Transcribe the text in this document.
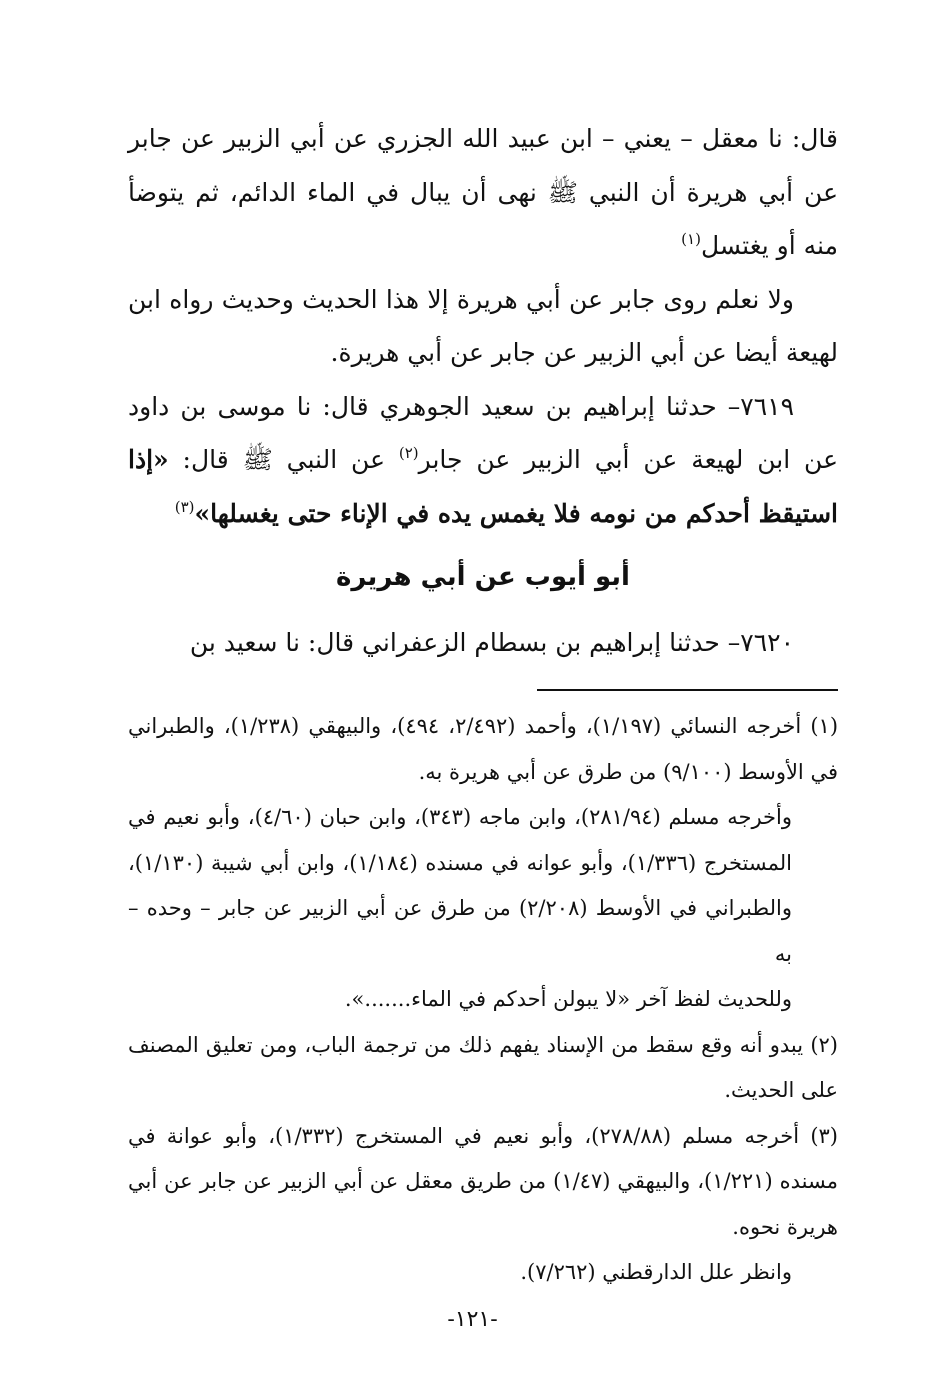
قال: نا معقل – يعني – ابن عبيد الله الجزري عن أبي الزبير عن جابر عن أبي هريرة أن النبي ﷺ نهى أن يبال في الماء الدائم، ثم يتوضأ منه أو يغتسل$^{(١)}$

ولا نعلم روى جابر عن أبي هريرة إلا هذا الحديث وحديث رواه ابن لهيعة أيضا عن أبي الزبير عن جابر عن أبي هريرة.

٧٦١٩– حدثنا إبراهيم بن سعيد الجوهري قال: نا موسى بن داود عن ابن لهيعة عن أبي الزبير عن جابر$^{(٢)}$ عن النبي ﷺ قال: «إذا استيقظ أحدكم من نومه فلا يغمس يده في الإناء حتى يغسلها»$^{(٣)}$

أبو أيوب عن أبي هريرة

٧٦٢٠– حدثنا إبراهيم بن بسطام الزعفراني قال: نا سعيد بن

(١) أخرجه النسائي (١/١٩٧)، وأحمد (٢/٤٩٢، ٤٩٤)، والبيهقي (١/٢٣٨)، والطبراني في الأوسط (٩/١٠٠) من طرق عن أبي هريرة به.

وأخرجه مسلم (٢٨١/٩٤)، وابن ماجه (٣٤٣)، وابن حبان (٤/٦٠)، وأبو نعيم في المستخرج (١/٣٣٦)، وأبو عوانه في مسنده (١/١٨٤)، وابن أبي شيبة (١/١٣٠)، والطبراني في الأوسط (٢/٢٠٨) من طرق عن أبي الزبير عن جابر – وحده – به

وللحديث لفظ آخر «لا يبولن أحدكم في الماء.......».

(٢) يبدو أنه وقع سقط من الإسناد يفهم ذلك من ترجمة الباب، ومن تعليق المصنف على الحديث.

(٣) أخرجه مسلم (٢٧٨/٨٨)، وأبو نعيم في المستخرج (١/٣٣٢)، وأبو عوانة في مسنده (١/٢٢١)، والبيهقي (١/٤٧) من طريق معقل عن أبي الزبير عن جابر عن أبي هريرة نحوه.

وانظر علل الدارقطني (٧/٢٦٢).

-١٢١-
